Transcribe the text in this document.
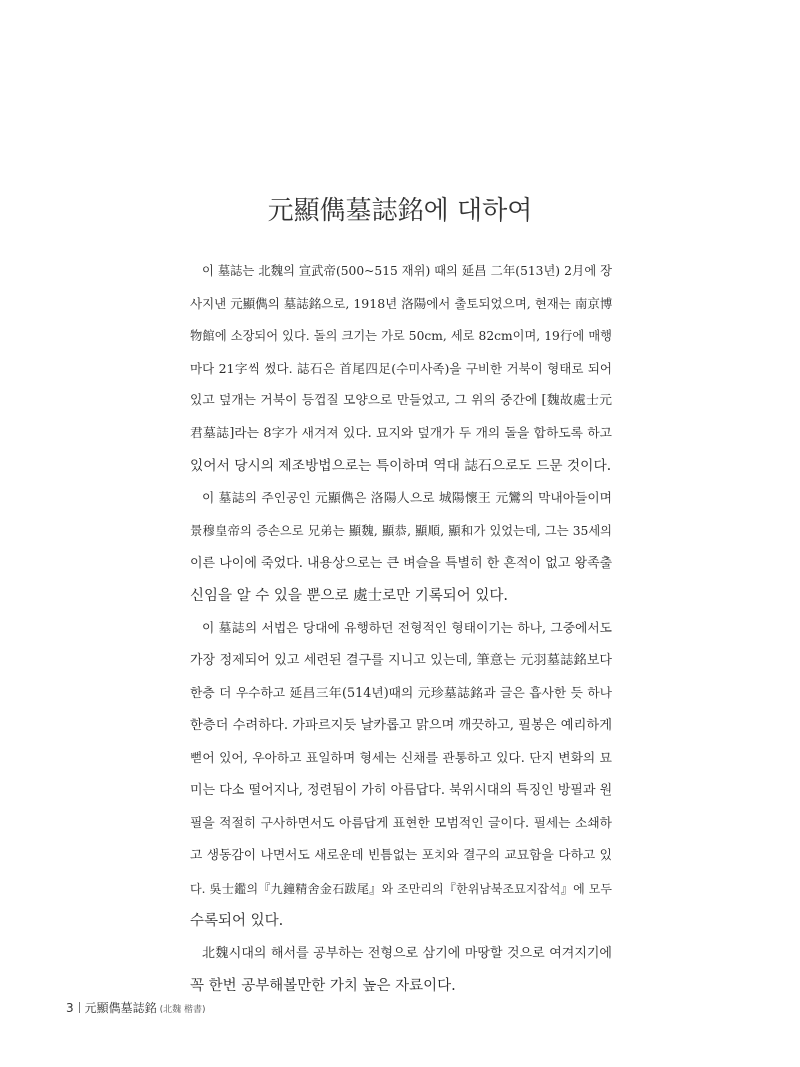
元顯儁墓誌銘에 대하여
이 墓誌는 北魏의 宣武帝(500~515 재위) 때의 延昌 二年(513년) 2月에 장
사지낸 元顯儁의 墓誌銘으로, 1918년 洛陽에서 출토되었으며, 현재는 南京博
物館에 소장되어 있다. 돌의 크기는 가로 50cm, 세로 82cm이며, 19行에 매행
마다 21字씩 썼다. 誌石은 首尾四足(수미사족)을 구비한 거북이 형태로 되어
있고 덮개는 거북이 등껍질 모양으로 만들었고, 그 위의 중간에 [魏故處士元
君墓誌]라는 8字가 새겨져 있다. 묘지와 덮개가 두 개의 돌을 합하도록 하고
있어서 당시의 제조방법으로는 특이하며 역대 誌石으로도 드문 것이다.
이 墓誌의 주인공인 元顯儁은 洛陽人으로 城陽懷王 元鸞의 막내아들이며
景穆皇帝의 증손으로 兄弟는 顯魏, 顯恭, 顯順, 顯和가 있었는데, 그는 35세의
이른 나이에 죽었다. 내용상으로는 큰 벼슬을 특별히 한 흔적이 없고 왕족출
신임을 알 수 있을 뿐으로 處士로만 기록되어 있다.
이 墓誌의 서법은 당대에 유행하던 전형적인 형태이기는 하나, 그중에서도
가장 정제되어 있고 세련된 결구를 지니고 있는데, 筆意는 元羽墓誌銘보다
한층 더 우수하고 延昌三年(514년)때의 元珍墓誌銘과 글은 흡사한 듯 하나
한층더 수려하다. 가파르지듯 날카롭고 맑으며 깨끗하고, 필봉은 예리하게
뻗어 있어, 우아하고 표일하며 형세는 신채를 관통하고 있다. 단지 변화의 묘
미는 다소 떨어지나, 정련됨이 가히 아름답다. 북위시대의 특징인 방필과 원
필을 적절히 구사하면서도 아름답게 표현한 모범적인 글이다. 필세는 소쇄하
고 생동감이 나면서도 새로운데 빈틈없는 포치와 결구의 교묘함을 다하고 있
다. 吳士鑑의『九鐘精舍金石跋尾』와 조만리의『한위남북조묘지잡석』에 모두
수록되어 있다.
北魏시대의 해서를 공부하는 전형으로 삼기에 마땅할 것으로 여겨지기에
꼭 한번 공부해볼만한 가치 높은 자료이다.
3 元顯儁墓誌銘 (北魏 楷書)
